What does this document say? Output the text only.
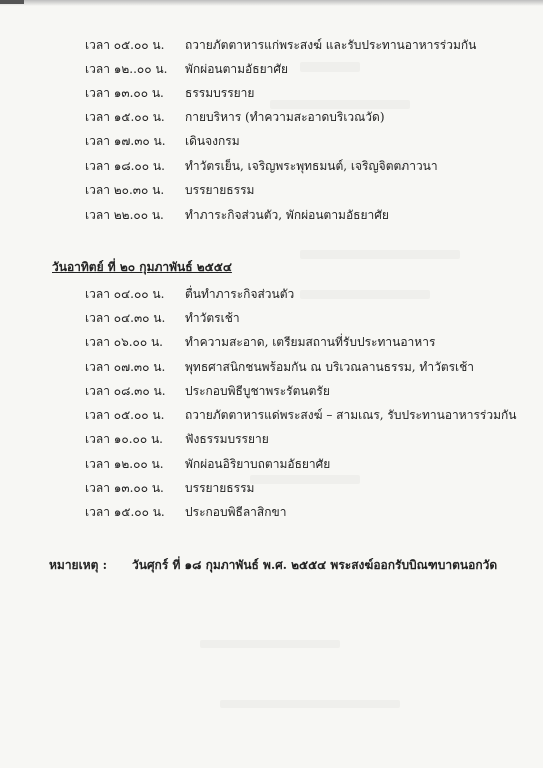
เวลา ๐๕.๐๐ น.	ถวายภัตตาหารแก่พระสงฆ์ และรับประทานอาหารร่วมกัน
เวลา ๑๒..๐๐ น.	พักผ่อนตามอัธยาศัย
เวลา ๑๓.๐๐ น.	ธรรมบรรยาย
เวลา ๑๕.๐๐ น.	กายบริหาร (ทำความสะอาดบริเวณวัด)
เวลา ๑๗.๓๐ น.	เดินจงกรม
เวลา ๑๘.๐๐ น.	ทำวัตรเย็น, เจริญพระพุทธมนต์, เจริญจิตตภาวนา
เวลา ๒๐.๓๐ น.	บรรยายธรรม
เวลา ๒๒.๐๐ น.	ทำภาระกิจส่วนตัว, พักผ่อนตามอัธยาศัย
วันอาทิตย์ ที่ ๒๐ กุมภาพันธ์ ๒๕๕๔
เวลา ๐๔.๐๐ น.	ตื่นทำภาระกิจส่วนตัว
เวลา ๐๔.๓๐ น.	ทำวัตรเช้า
เวลา ๐๖.๐๐ น.	ทำความสะอาด, เตรียมสถานที่รับประทานอาหาร
เวลา ๐๗.๓๐ น.	พุทธศาสนิกชนพร้อมกัน ณ บริเวณลานธรรม, ทำวัตรเช้า
เวลา ๐๘.๓๐ น.	ประกอบพิธีบูชาพระรัตนตรัย
เวลา ๐๕.๐๐ น.	ถวายภัตตาหารแด่พระสงฆ์ – สามเณร, รับประทานอาหารร่วมกัน
เวลา ๑๐.๐๐ น.	ฟังธรรมบรรยาย
เวลา ๑๒.๐๐ น.	พักผ่อนอิริยาบถตามอัธยาศัย
เวลา ๑๓.๐๐ น.	บรรยายธรรม
เวลา ๑๕.๐๐ น.	ประกอบพิธีลาสิกขา
หมายเหตุ : วันศุกร์ ที่ ๑๘ กุมภาพันธ์ พ.ศ. ๒๕๕๔ พระสงฆ์ออกรับบิณฑบาตนอกวัด
